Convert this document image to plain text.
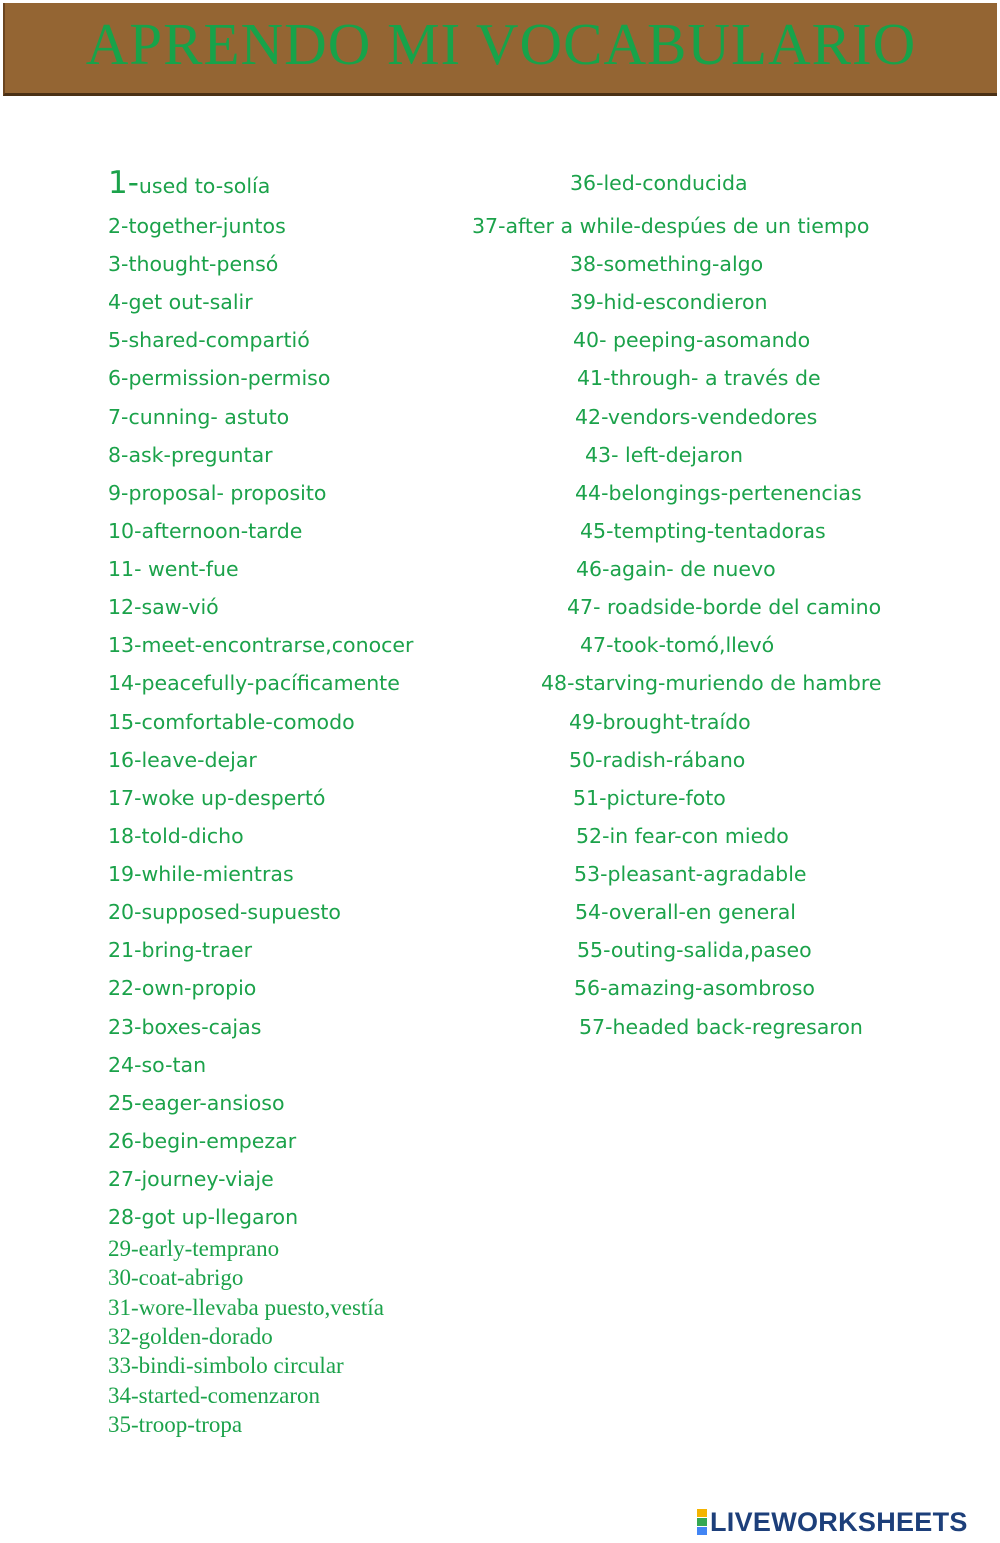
APRENDO MI VOCABULARIO
1-used to-solía
2-together-juntos
3-thought-pensó
4-get out-salir
5-shared-compartió
6-permission-permiso
7-cunning- astuto
8-ask-preguntar
9-proposal- proposito
10-afternoon-tarde
11- went-fue
12-saw-vió
13-meet-encontrarse,conocer
14-peacefully-pacíficamente
15-comfortable-comodo
16-leave-dejar
17-woke up-despertó
18-told-dicho
19-while-mientras
20-supposed-supuesto
21-bring-traer
22-own-propio
23-boxes-cajas
24-so-tan
25-eager-ansioso
26-begin-empezar
27-journey-viaje
28-got up-llegaron
29-early-temprano
30-coat-abrigo
31-wore-llevaba puesto,vestía
32-golden-dorado
33-bindi-simbolo circular
34-started-comenzaron
35-troop-tropa
36-led-conducida
37-after a while-despúes de un tiempo
38-something-algo
39-hid-escondieron
40- peeping-asomando
41-through- a través de
42-vendors-vendedores
43- left-dejaron
44-belongings-pertenencias
45-tempting-tentadoras
46-again- de nuevo
47- roadside-borde del camino
47-took-tomó,llevó
48-starving-muriendo de hambre
49-brought-traído
50-radish-rábano
51-picture-foto
52-in fear-con miedo
53-pleasant-agradable
54-overall-en general
55-outing-salida,paseo
56-amazing-asombroso
57-headed back-regresaron
LIVEWORKSHEETS
